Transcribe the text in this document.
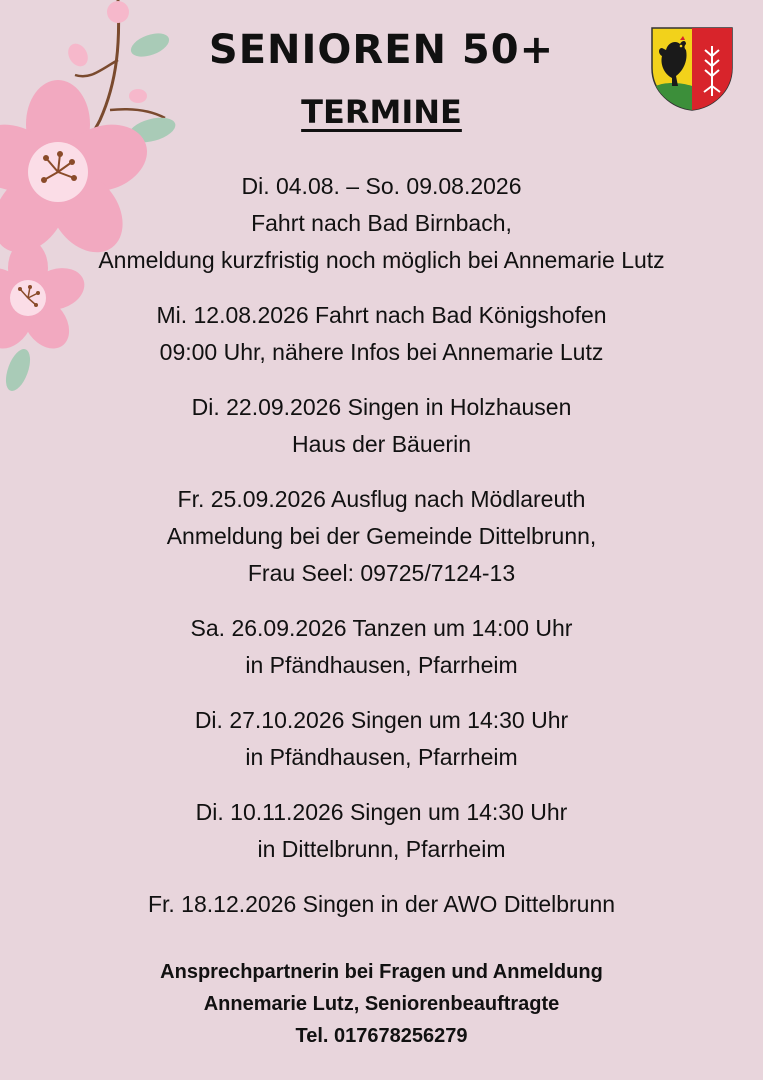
SENIOREN 50+
TERMINE
Di. 04.08. – So. 09.08.2026
Fahrt nach Bad Birnbach,
Anmeldung kurzfristig noch möglich bei Annemarie Lutz
Mi. 12.08.2026 Fahrt nach Bad Königshofen
09:00 Uhr, nähere Infos bei Annemarie Lutz
Di. 22.09.2026 Singen in Holzhausen
Haus der Bäuerin
Fr. 25.09.2026 Ausflug nach Mödlareuth
Anmeldung bei der Gemeinde Dittelbrunn,
Frau Seel: 09725/7124-13
Sa. 26.09.2026 Tanzen um 14:00 Uhr
in Pfändhausen, Pfarrheim
Di. 27.10.2026 Singen um 14:30 Uhr
in Pfändhausen, Pfarrheim
Di. 10.11.2026 Singen um 14:30 Uhr
in Dittelbrunn, Pfarrheim
Fr. 18.12.2026 Singen in der AWO Dittelbrunn
Ansprechpartnerin bei Fragen und Anmeldung
Annemarie Lutz, Seniorenbeauftragte
Tel. 017678256279
